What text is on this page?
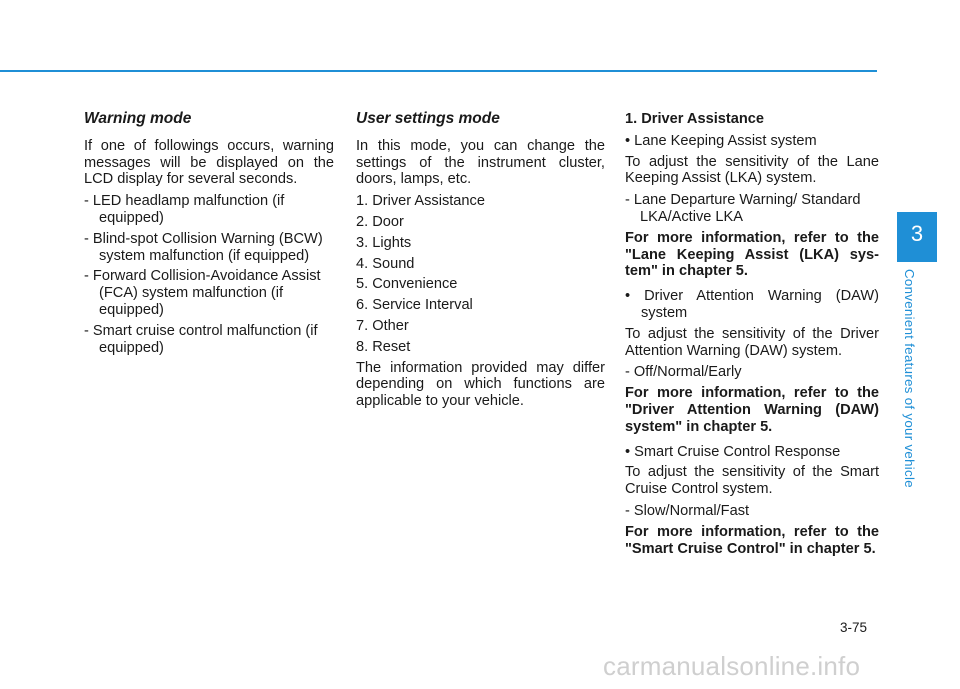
Warning mode

If one of followings occurs, warning messages will be displayed on the LCD display for several seconds.

- LED headlamp malfunction (if equipped)

- Blind-spot Collision Warning (BCW) system malfunction (if equipped)

- Forward Collision-Avoidance Assist (FCA) system malfunction (if equipped)

- Smart cruise control malfunction (if equipped)

User settings mode

In this mode, you can change the settings of the instrument cluster, doors, lamps, etc.

1. Driver Assistance

2. Door

3. Lights

4. Sound

5. Convenience

6. Service Interval

7. Other

8. Reset

The information provided may differ depending on which functions are applicable to your vehicle.

1. Driver Assistance

• Lane Keeping Assist system

To adjust the sensitivity of the Lane Keeping Assist (LKA) system.

- Lane Departure Warning/ Standard LKA/Active LKA

For more information, refer to the "Lane Keeping Assist (LKA) sys-tem" in chapter 5.

• Driver Attention Warning (DAW) system

To adjust the sensitivity of the Driver Attention Warning (DAW) system.

- Off/Normal/Early

For more information, refer to the "Driver Attention Warning (DAW) system" in chapter 5.

• Smart Cruise Control Response

To adjust the sensitivity of the Smart Cruise Control system.

- Slow/Normal/Fast

For more information, refer to the "Smart Cruise Control" in chapter 5.

3
Convenient features of your vehicle
3-75
carmanualsonline.info
